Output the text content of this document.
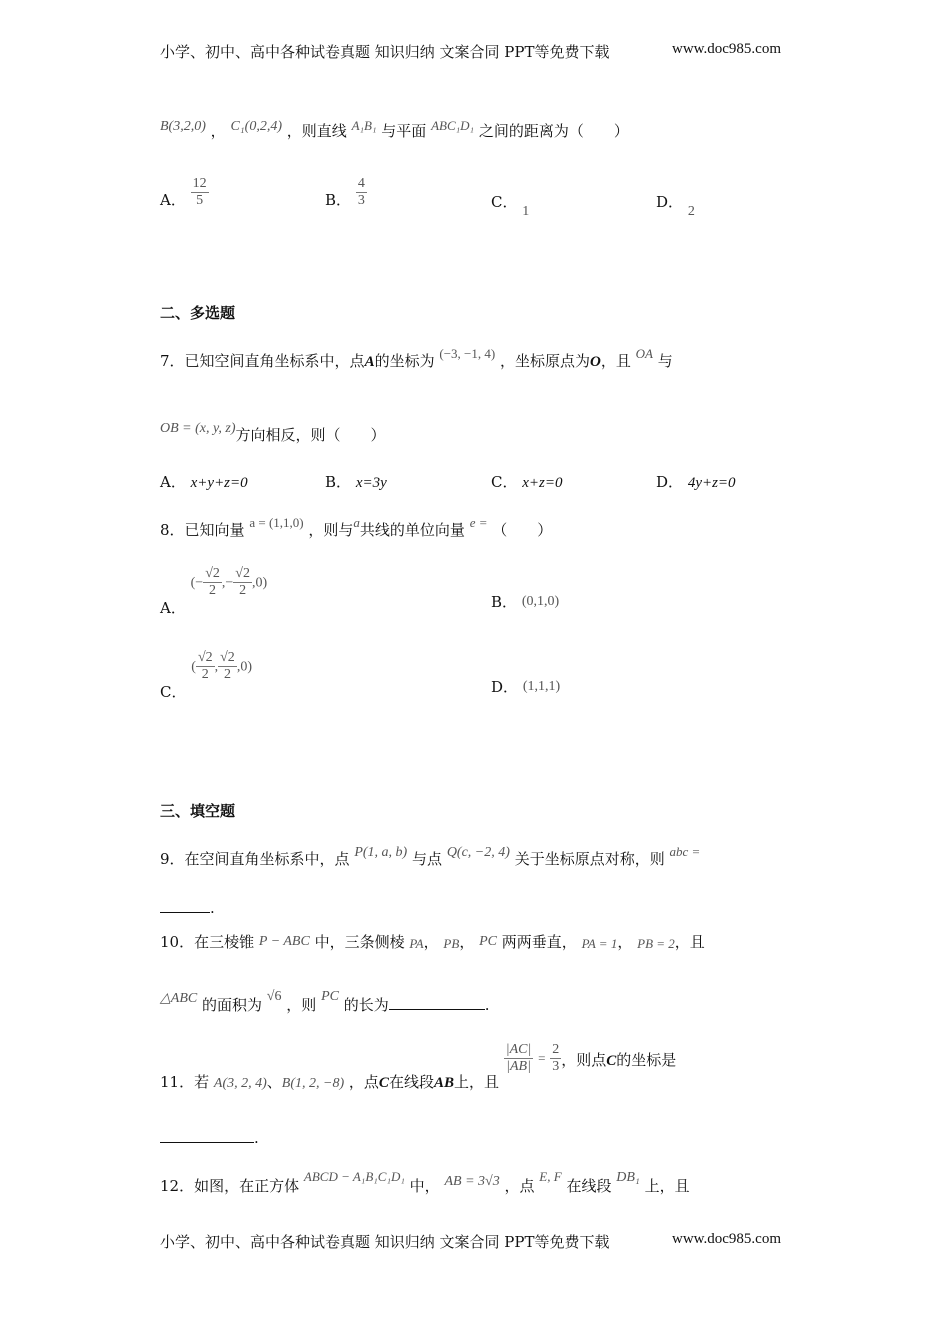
小学、初中、高中各种试卷真题 知识归纳 文案合同 PPT等免费下载	www.doc985.com
B(3,2,0) ， C₁(0,2,4) ，则直线 A₁B₁ 与平面 ABC₁D₁ 之间的距离为（　　）
A． $\frac{12}{5}$	B． $\frac{4}{3}$	C． 1
D． 2
二、多选题
7．已知空间直角坐标系中，点A的坐标为 (−3, −1, 4) ，坐标原点为O，且 OA 与
OB = (x, y, z)方向相反，则（　　）
A． x+y+z=0	B． x=3y	C． x+z=0	D． 4y+z=0
8．已知向量 a = (1,1,0) ，则与a共线的单位向量 e = （　　）
A． (− $\frac{√2}{2}$ ,− $\frac{√2}{2} ,0$)
B． (0,1,0)
C． ( $\frac{√2}{2}$ , $\frac{√2}{2} ,0$)
D． (1,1,1)
三、填空题
9．在空间直角坐标系中，点 P(1, a, b) 与点 Q(c, −2, 4) 关于坐标原点对称，则 abc =
.
10．在三棱锥 P − ABC 中，三条侧棱 PA， PB， PC 两两垂直， PA = 1， PB = 2，且
△ABC 的面积为 √6 ，则 PC 的长为	.
11．若 A(3, 2, 4)、B(1, 2, −8) ，点C在线段AB上，且
$\frac{|AC|}{|AB|} = \frac{2}{3}$ ，则点C的坐标是
.
12．如图，在正方体 ABCD − A₁B₁C₁D₁ 中， AB = 3√3 ，点 E, F 在线段 DB₁ 上，且
小学、初中、高中各种试卷真题 知识归纳 文案合同 PPT等免费下载	www.doc985.com
